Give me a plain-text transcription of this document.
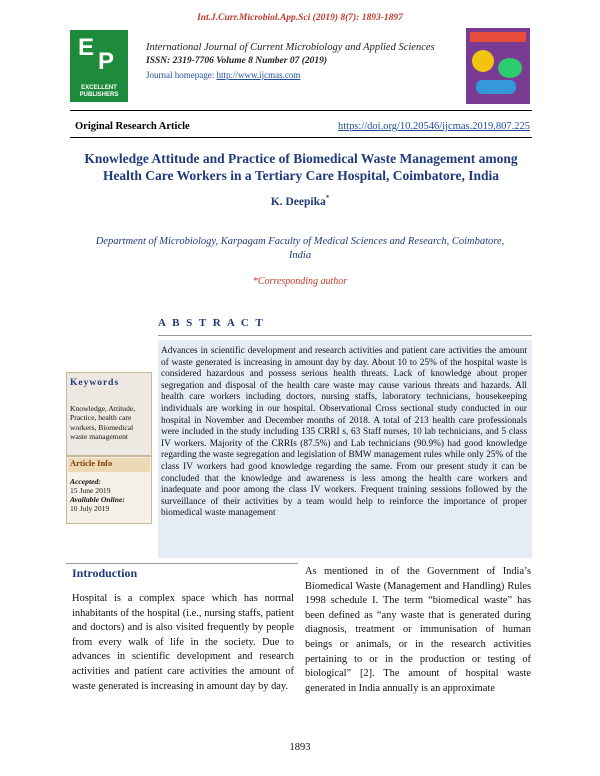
Int.J.Curr.Microbiol.App.Sci (2019) 8(7): 1893-1897
E
P
EXCELLENT
PUBLISHERS
International Journal of Current Microbiology and Applied Sciences
ISSN: 2319-7706 Volume 8 Number 07 (2019)
Journal homepage: http://www.ijcmas.com
Original Research Article	https://doi.org/10.20546/ijcmas.2019.807.225
Knowledge Attitude and Practice of Biomedical Waste Management among Health Care Workers in a Tertiary Care Hospital, Coimbatore, India
K. Deepika*
Department of Microbiology, Karpagam Faculty of Medical Sciences and Research, Coimbatore, India
*Corresponding author
A B S T R A C T
Advances in scientific development and research activities and patient care activities the amount of waste generated is increasing in amount day by day. About 10 to 25% of the hospital waste is considered hazardous and possess serious health threats. Lack of knowledge about proper segregation and disposal of the health care waste may cause various threats and hazards. All health care workers including doctors, nursing staffs, laboratory technicians, housekeeping individuals are working in our hospital. Observational Cross sectional study conducted in our hospital in November and December months of 2018. A total of 213 health care professionals were included in the study including 135 CRRI s, 63 Staff nurses, 10 lab technicians, and 5 class IV workers. Majority of the CRRIs (87.5%) and Lab technicians (90.9%) had good knowledge regarding the waste segregation and legislation of BMW management rules while only 25% of the class IV workers had good knowledge regarding the same. From our present study it can be concluded that the knowledge and awareness is less among the health care workers and inadequate and poor among the class IV workers. Frequent training sessions followed by the surveillance of their activities by a team would help to reinforce the importance of proper biomedical waste management
Keywords
Knowledge, Attitude, Practice, health care workers, Biomedical waste management
Article Info
Accepted:
15 June 2019
Available Online:
10 July 2019
Introduction
Hospital is a complex space which has normal inhabitants of the hospital (i.e., nursing staffs, patient and doctors) and is also visited frequently by people from every walk of life in the society. Due to advances in scientific development and research activities and patient care activities the amount of waste generated is increasing in amount day by day.
As mentioned in of the Government of India’s Biomedical Waste (Management and Handling) Rules 1998 schedule I. The term “biomedical waste” has been defined as “any waste that is generated during diagnosis, treatment or immunisation of human beings or animals, or in the research activities pertaining to or in the production or testing of biological” [2]. The amount of hospital waste generated in India annually is an approximate
1893
